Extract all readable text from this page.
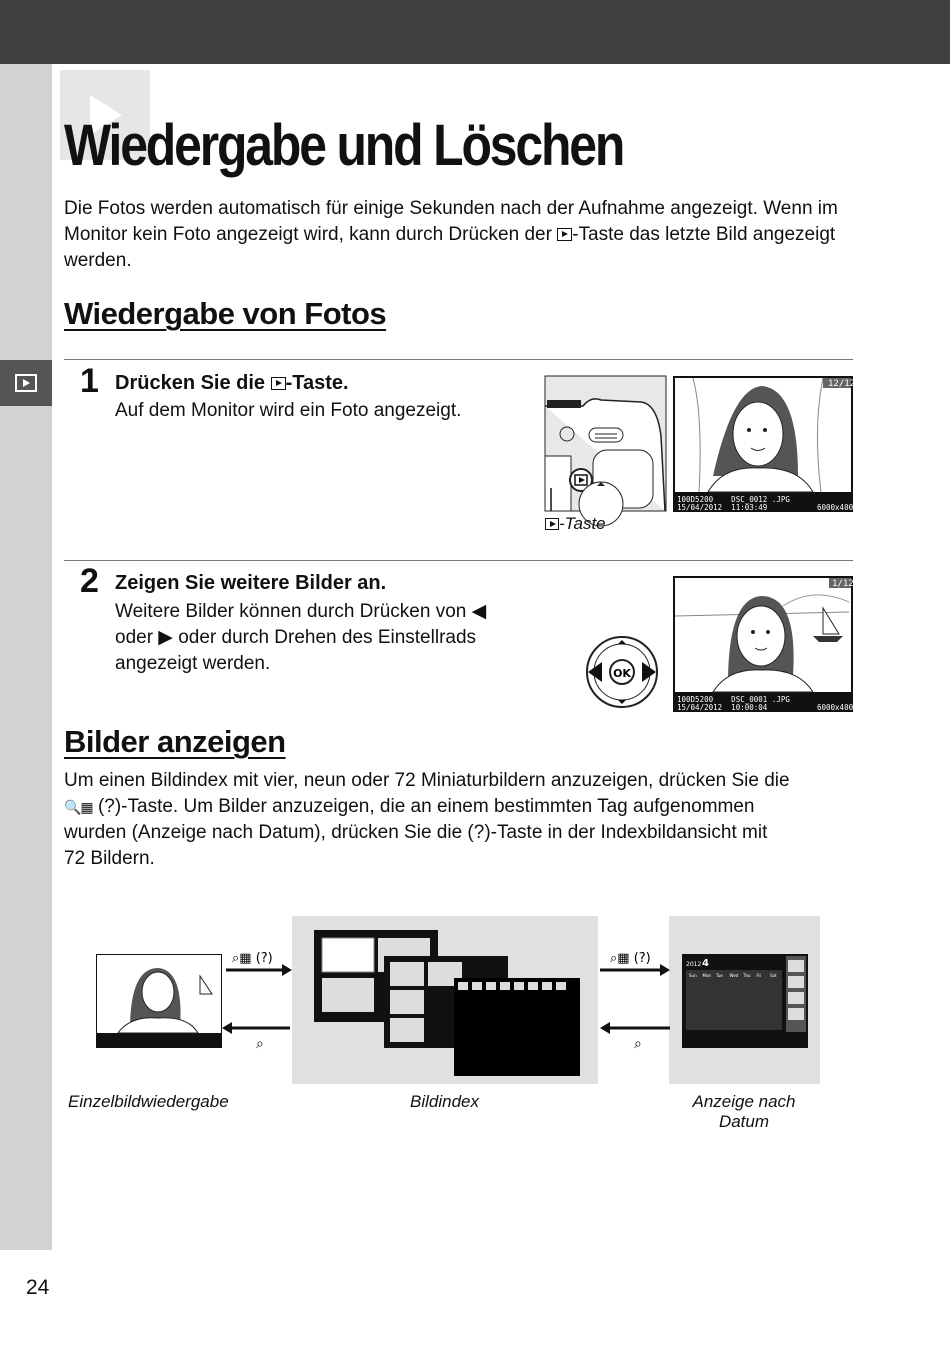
Wiedergabe und Löschen
Die Fotos werden automatisch für einige Sekunden nach der Aufnahme angezeigt. Wenn im Monitor kein Foto angezeigt wird, kann durch Drücken der -Taste das letzte Bild angezeigt werden.
Wiedergabe von Fotos
1 Drücken Sie die -Taste.
Auf dem Monitor wird ein Foto angezeigt.
-Taste
12/12
100D5200    DSC_0012 .JPG              NORMAL
15/04/2012  11:03:49           6000x4000
2 Zeigen Sie weitere Bilder an.
Weitere Bilder können durch Drücken von ◀
oder ▶ oder durch Drehen des Einstellrads
angezeigt werden.	OK
1/12
100D5200    DSC_0001 .JPG              NORMAL
15/04/2012  10:00:04           6000x4000
Bilder anzeigen
Um einen Bildindex mit vier, neun oder 72 Miniaturbildern anzuzeigen, drücken Sie die
🔍▦ (?)-Taste. Um Bilder anzuzeigen, die an einem bestimmten Tag aufgenommen
wurden (Anzeige nach Datum), drücken Sie die (?)-Taste in der Indexbildansicht mit
72 Bildern.
⌕▦ (?)
⌕
⌕▦ (?)
⌕
2012 4
Sun Mon Tue Wed Thu Fri Sat
Einzelbildwiedergabe	Bildindex	Anzeige nach
Datum
24
